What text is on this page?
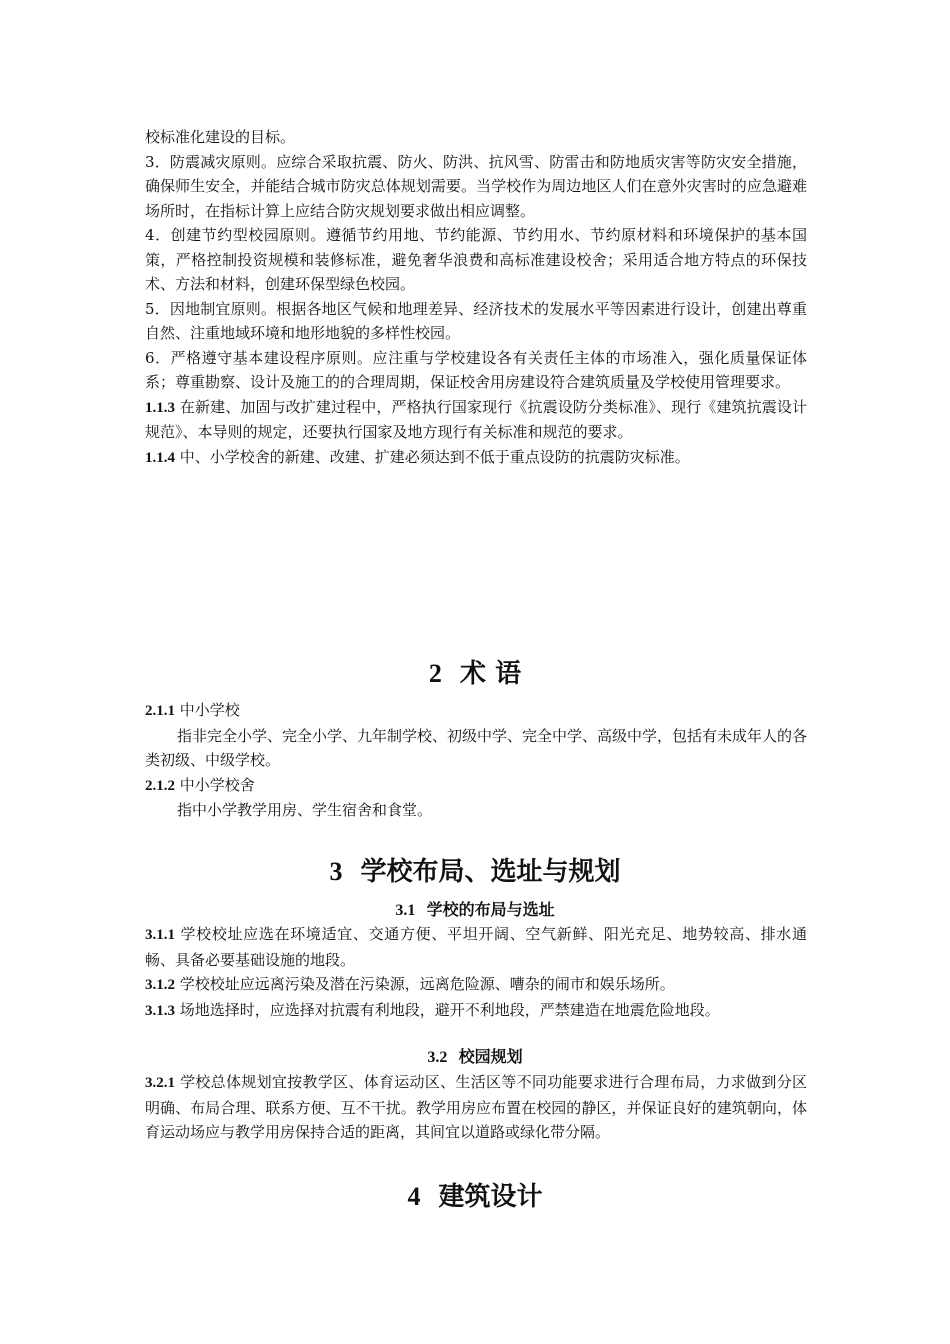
校标准化建设的目标。

3．防震减灾原则。应综合采取抗震、防火、防洪、抗风雪、防雷击和防地质灾害等防灾安全措施，确保师生安全，并能结合城市防灾总体规划需要。当学校作为周边地区人们在意外灾害时的应急避难场所时，在指标计算上应结合防灾规划要求做出相应调整。

4．创建节约型校园原则。遵循节约用地、节约能源、节约用水、节约原材料和环境保护的基本国策，严格控制投资规模和装修标准，避免奢华浪费和高标准建设校舍；采用适合地方特点的环保技术、方法和材料，创建环保型绿色校园。

5．因地制宜原则。根据各地区气候和地理差异、经济技术的发展水平等因素进行设计，创建出尊重自然、注重地域环境和地形地貌的多样性校园。

6．严格遵守基本建设程序原则。应注重与学校建设各有关责任主体的市场准入，强化质量保证体系；尊重勘察、设计及施工的的合理周期，保证校舍用房建设符合建筑质量及学校使用管理要求。

1.1.3 在新建、加固与改扩建过程中，严格执行国家现行《抗震设防分类标准》、现行《建筑抗震设计规范》、本导则的规定，还要执行国家及地方现行有关标准和规范的要求。

1.1.4 中、小学校舍的新建、改建、扩建必须达到不低于重点设防的抗震防灾标准。

2 术 语

2.1.1 中小学校

指非完全小学、完全小学、九年制学校、初级中学、完全中学、高级中学，包括有未成年人的各类初级、中级学校。

2.1.2 中小学校舍

指中小学教学用房、学生宿舍和食堂。

3 学校布局、选址与规划
3.1 学校的布局与选址

3.1.1 学校校址应选在环境适宜、交通方便、平坦开阔、空气新鲜、阳光充足、地势较高、排水通畅、具备必要基础设施的地段。

3.1.2 学校校址应远离污染及潜在污染源，远离危险源、嘈杂的闹市和娱乐场所。

3.1.3 场地选择时，应选择对抗震有利地段，避开不利地段，严禁建造在地震危险地段。

3.2 校园规划

3.2.1 学校总体规划宜按教学区、体育运动区、生活区等不同功能要求进行合理布局，力求做到分区明确、布局合理、联系方便、互不干扰。教学用房应布置在校园的静区，并保证良好的建筑朝向，体育运动场应与教学用房保持合适的距离，其间宜以道路或绿化带分隔。

4 建筑设计
